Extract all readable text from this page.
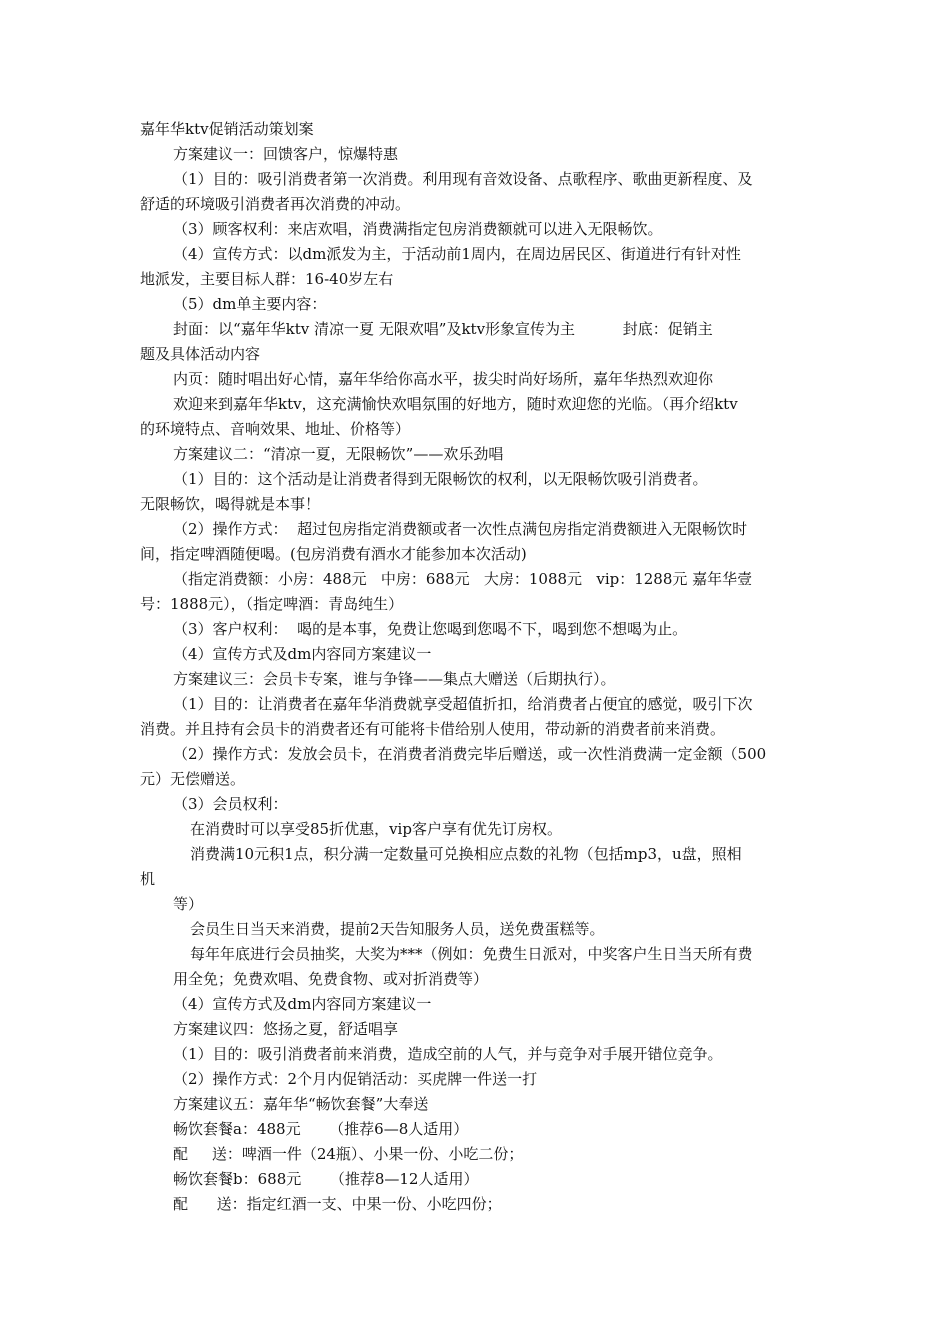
嘉年华ktv促销活动策划案
方案建议一：回馈客户，惊爆特惠
（1）目的：吸引消费者第一次消费。利用现有音效设备、点歌程序、歌曲更新程度、及
舒适的环境吸引消费者再次消费的冲动。
（3）顾客权利：来店欢唱，消费满指定包房消费额就可以进入无限畅饮。
（4）宣传方式：以dm派发为主，于活动前1周内，在周边居民区、街道进行有针对性
地派发，主要目标人群：16-40岁左右
（5）dm单主要内容：
封面：以“嘉年华ktv 清凉一夏 无限欢唱”及ktv形象宣传为主          封底：促销主
题及具体活动内容
内页：随时唱出好心情，嘉年华给你高水平，拔尖时尚好场所，嘉年华热烈欢迎你
欢迎来到嘉年华ktv，这充满愉快欢唱氛围的好地方，随时欢迎您的光临。（再介绍ktv
的环境特点、音响效果、地址、价格等）
方案建议二：“清凉一夏，无限畅饮”——欢乐劲唱
（1）目的：这个活动是让消费者得到无限畅饮的权利，以无限畅饮吸引消费者。
无限畅饮，喝得就是本事！
（2）操作方式：  超过包房指定消费额或者一次性点满包房指定消费额进入无限畅饮时
间，指定啤酒随便喝。(包房消费有酒水才能参加本次活动)
（指定消费额：小房：488元   中房：688元   大房：1088元   vip：1288元 嘉年华壹
号：1888元），（指定啤酒：青岛纯生）
（3）客户权利：  喝的是本事，免费让您喝到您喝不下，喝到您不想喝为止。
（4）宣传方式及dm内容同方案建议一
方案建议三：会员卡专案，谁与争锋——集点大赠送（后期执行）。
（1）目的：让消费者在嘉年华消费就享受超值折扣，给消费者占便宜的感觉，吸引下次
消费。并且持有会员卡的消费者还有可能将卡借给别人使用，带动新的消费者前来消费。
（2）操作方式：发放会员卡，在消费者消费完毕后赠送，或一次性消费满一定金额（500
元）无偿赠送。
（3）会员权利：
在消费时可以享受85折优惠，vip客户享有优先订房权。
消费满10元积1点，积分满一定数量可兑换相应点数的礼物（包括mp3，u盘，照相
机
等）
会员生日当天来消费，提前2天告知服务人员，送免费蛋糕等。
每年年底进行会员抽奖，大奖为***（例如：免费生日派对，中奖客户生日当天所有费
用全免；免费欢唱、免费食物、或对折消费等）
（4）宣传方式及dm内容同方案建议一
方案建议四：悠扬之夏，舒适唱享
（1）目的：吸引消费者前来消费，造成空前的人气，并与竞争对手展开错位竞争。
（2）操作方式：2个月内促销活动：买虎牌一件送一打
方案建议五：嘉年华“畅饮套餐”大奉送
畅饮套餐a：488元      （推荐6—8人适用）
配     送：啤酒一件（24瓶）、小果一份、小吃二份；
畅饮套餐b：688元      （推荐8—12人适用）
配      送：指定红酒一支、中果一份、小吃四份；
